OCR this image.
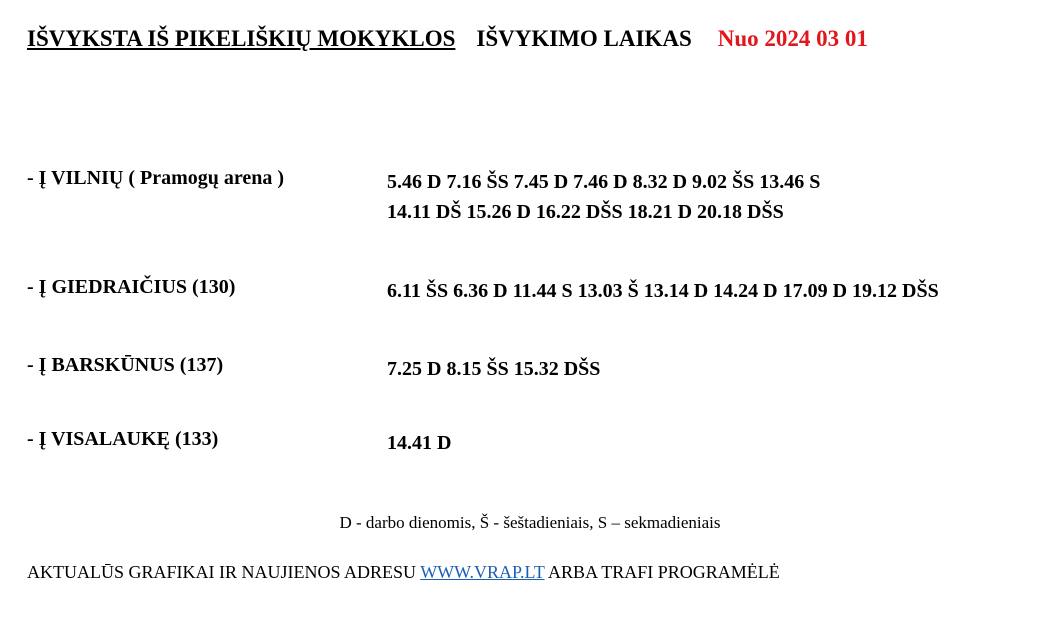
IŠVYKSTA IŠ PIKELIŠKIŲ MOKYKLOS IŠVYKIMO LAIKAS Nuo 2024 03 01
- Į VILNIŲ ( Pramogų arena )	5.46 D 7.16 ŠS 7.45 D 7.46 D 8.32 D 9.02 ŠS 13.46 S
14.11 DŠ 15.26 D 16.22 DŠS 18.21 D 20.18 DŠS
- Į GIEDRAIČIUS (130)	6.11 ŠS 6.36 D 11.44 S 13.03 Š 13.14 D 14.24 D 17.09 D 19.12 DŠS
- Į BARSKŪNUS (137)	7.25 D 8.15 ŠS 15.32 DŠS
- Į VISALAUKĘ (133)	14.41 D
D - darbo dienomis, Š - šeštadieniais, S – sekmadieniais
AKTUALŪS GRAFIKAI IR NAUJIENOS ADRESU WWW.VRAP.LT ARBA TRAFI PROGRAMĖLĖ
